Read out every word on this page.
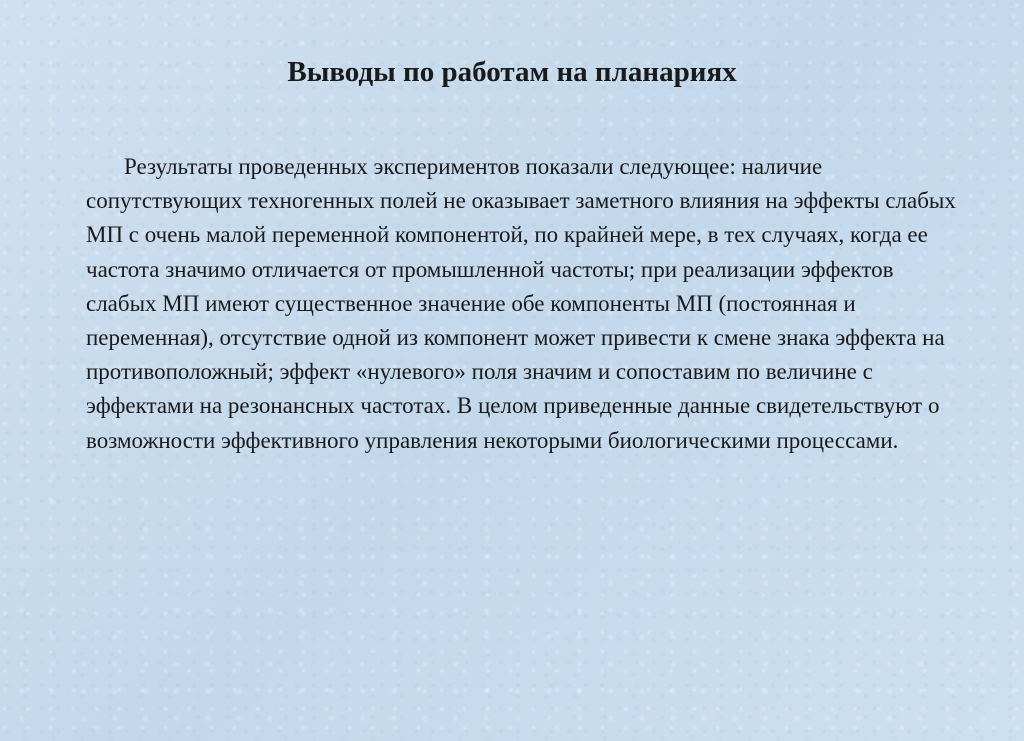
Выводы по работам на планариях

Результаты проведенных экспериментов показали следующее: наличие сопутствующих техногенных полей не оказывает заметного влияния на эффекты слабых МП с очень малой переменной компонентой, по крайней мере, в тех случаях, когда ее частота значимо отличается от промышленной частоты; при реализации эффектов слабых МП имеют существенное значение обе компоненты МП (постоянная и переменная), отсутствие одной из компонент может привести к смене знака эффекта на противоположный; эффект «нулевого» поля значим и сопоставим по величине с эффектами на резонансных частотах. В целом приведенные данные свидетельствуют о возможности эффективного управления некоторыми биологическими процессами.
